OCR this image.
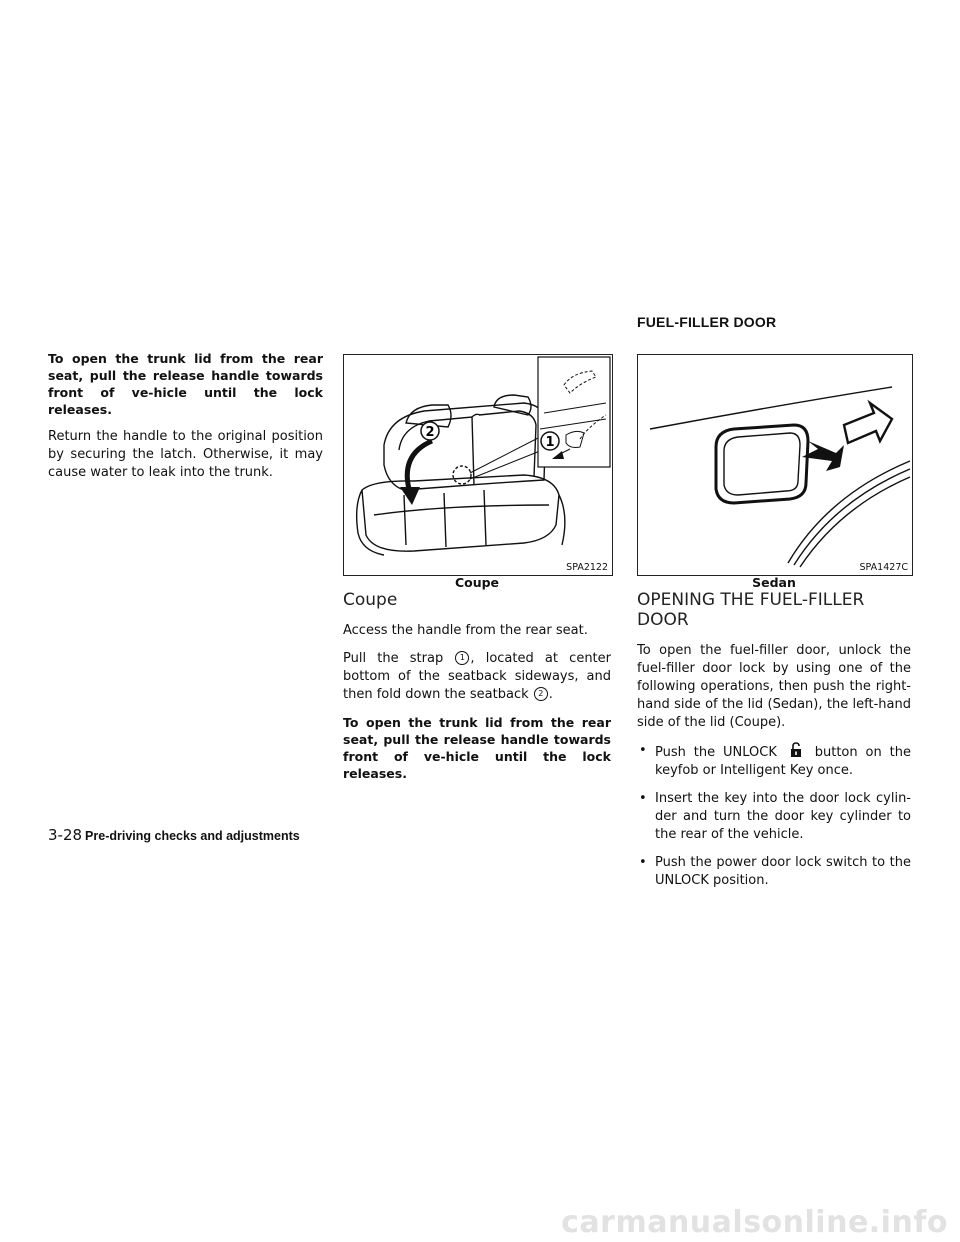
FUEL-FILLER DOOR

To open the trunk lid from the rear seat, pull the release handle towards front of ve-hicle until the lock releases.

Return the handle to the original position by securing the latch. Otherwise, it may cause water to leak into the trunk.

2
1
SPA2122
Coupe
SPA1427C
Sedan
Coupe

Access the handle from the rear seat.

Pull the strap 1 , located at center bottom of the seatback sideways, and then fold down the seatback 2 .

To open the trunk lid from the rear seat, pull the release handle towards front of ve-hicle until the lock releases.

OPENING THE FUEL-FILLER DOOR

To open the fuel-filler door, unlock the fuel-filler door lock by using one of the following operations, then push the right-hand side of the lid (Sedan), the left-hand side of the lid (Coupe).

• Push the UNLOCK	button on the keyfob or Intelligent Key once.
• Insert the key into the door lock cylin-der and turn the door key cylinder to the rear of the vehicle.
• Push the power door lock switch to the UNLOCK position.
3-28 Pre-driving checks and adjustments
carmanualsonline.info
